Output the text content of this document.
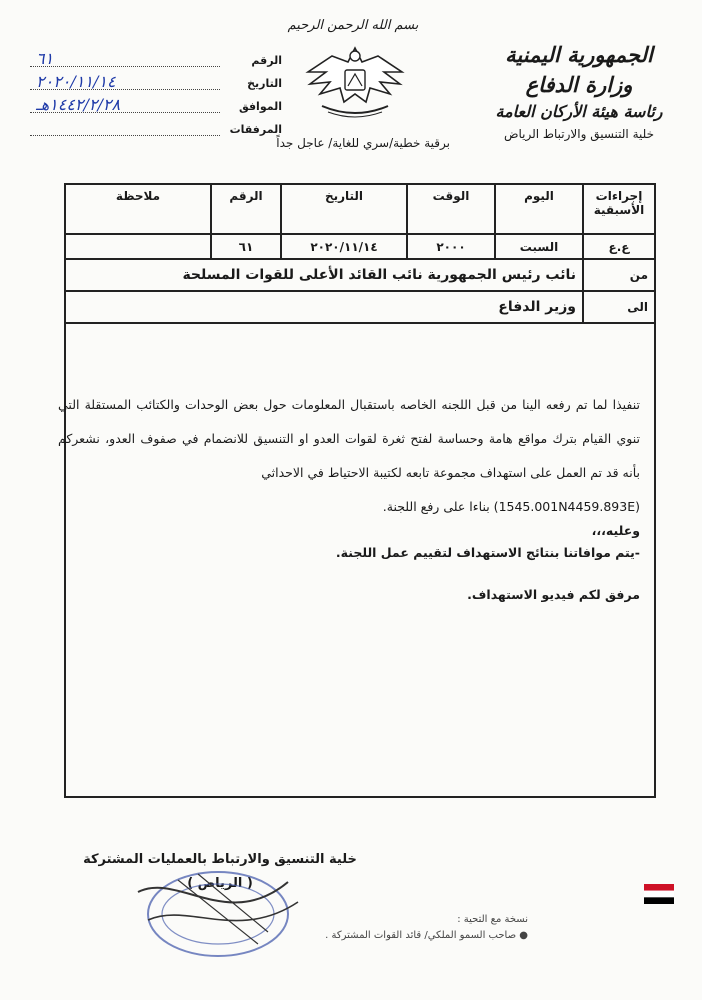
الجمهورية اليمنية
وزارة الدفاع
رئاسة هيئة الأركان العامة
خلية التنسيق والارتباط الرياض
بسم الله الرحمن الرحيم
الرقم
٦١
التاريخ
٢٠٢٠/١١/١٤
الموافق
١٤٤٢/٢/٢٨هـ
المرفقات
برقية خطية/سري للغاية/ عاجل جداً
إجراءات الأسبقية	اليوم	الوقت	التاريخ	الرقم	ملاحظة
ع.ع	السبت	٢٠٠٠	٢٠٢٠/١١/١٤	٦١	
من	نائب رئيس الجمهورية نائب القائد الأعلى للقوات المسلحة				
الى	وزير الدفاع				
تنفيذا لما تم رفعه الينا من قبل اللجنه الخاصه باستقبال المعلومات حول بعض الوحدات والكتائب المستقلة التي تنوي القيام بترك مواقع هامة وحساسة لفتح ثغرة لقوات العدو او التنسيق للانضمام في صفوف العدو، نشعركم بأنه قد تم العمل على استهداف مجموعة تابعه لكتيبة الاحتياط في الاحداثي
(1545.001N4459.893E) بناءا على رفع اللجنة.
وعليه،،،
-يتم موافاتنا بنتائج الاستهداف لتقييم عمل اللجنة.
مرفق لكم فيديو الاستهداف.
خلية التنسيق والارتباط بالعمليات المشتركة
( الرياض )
نسخة مع التحية :
● صاحب السمو الملكي/ قائد القوات المشتركة .
